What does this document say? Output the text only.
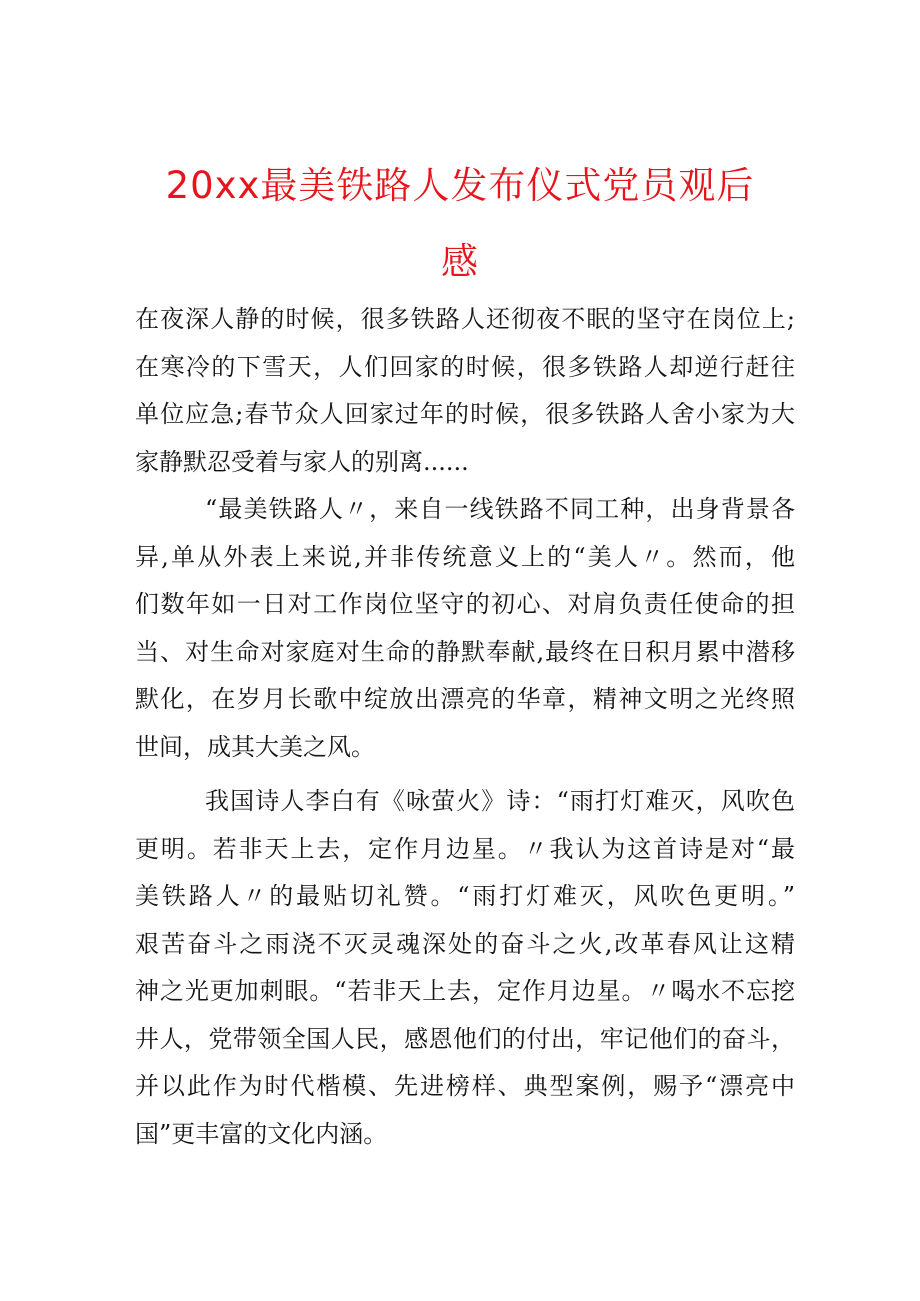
20xx最美铁路人发布仪式党员观后
感
在夜深人静的时候，很多铁路人还彻夜不眠的坚守在岗位上;
在寒冷的下雪天，人们回家的时候，很多铁路人却逆行赶往
单位应急;春节众人回家过年的时候，很多铁路人舍小家为大
家静默忍受着与家人的别离......
“最美铁路人〃，来自一线铁路不同工种，出身背景各
异,单从外表上来说,并非传统意义上的“美人〃。然而，他
们数年如一日对工作岗位坚守的初心、对肩负责任使命的担
当、对生命对家庭对生命的静默奉献,最终在日积月累中潜移
默化，在岁月长歌中绽放出漂亮的华章，精神文明之光终照
世间，成其大美之风。
我国诗人李白有《咏萤火》诗：“雨打灯难灭，风吹色
更明。若非天上去，定作月边星。〃我认为这首诗是对“最
美铁路人〃的最贴切礼赞。“雨打灯难灭，风吹色更明。”
艰苦奋斗之雨浇不灭灵魂深处的奋斗之火,改革春风让这精
神之光更加刺眼。“若非天上去，定作月边星。〃喝水不忘挖
井人，党带领全国人民，感恩他们的付出，牢记他们的奋斗，
并以此作为时代楷模、先进榜样、典型案例，赐予“漂亮中
国”更丰富的文化内涵。
